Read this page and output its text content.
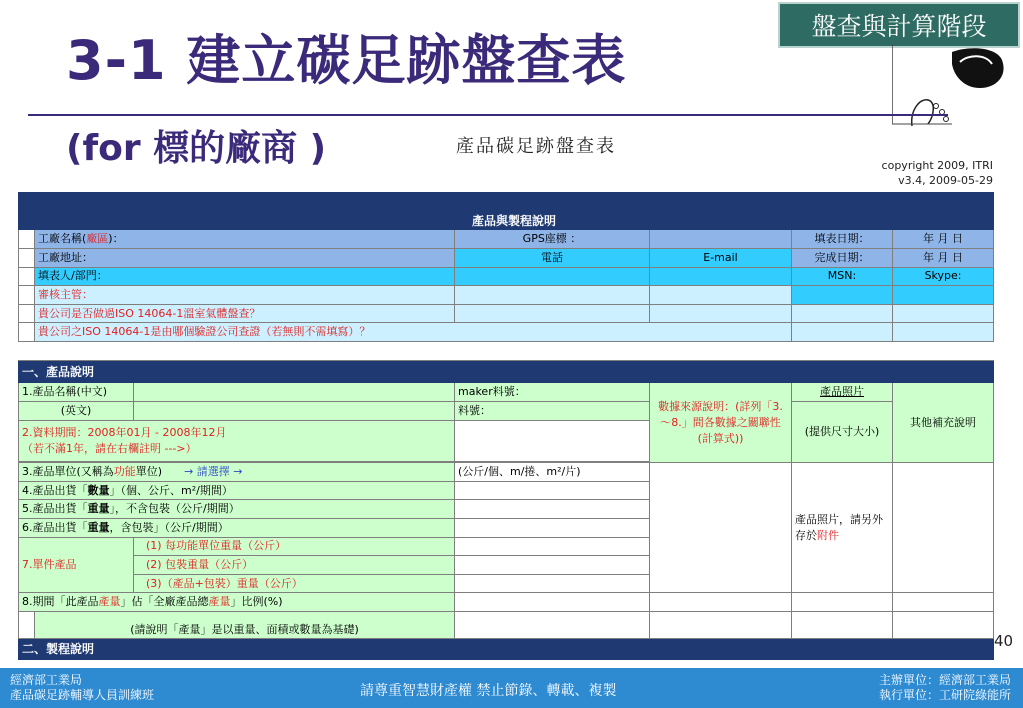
盤查與計算階段
3-1 建立碳足跡盤查表
(for 標的廠商 )	產品碳足跡盤查表
copyright 2009, ITRI
v3.4, 2009-05-29
	產品與製程說明					
	工廠名稱(廠區)：		GPS座標 ：		填表日期：	年 月 日
	工廠地址：		電話	E-mail	完成日期：	年 月 日
	填表人/部門：				MSN:	Skype:
	審核主管：					
	貴公司是否做過ISO 14064-1溫室氣體盤查？					
	貴公司之ISO 14064-1是由哪個驗證公司查證（若無則不需填寫）？					

一、產品說明						
1.產品名稱(中文)			maker料號：	數據來源說明：(詳列「3.～8.」間各數據之關聯性(計算式))	產品照片	其他補充說明
(英文)			料號：		(提供尺寸大小)	
2.資料期間：2008年01月 - 2008年12月
（若不滿1年，請在右欄註明 --->）						

3.產品單位(又稱為功能單位) → 請選擇 →			(公斤/個、m/捲、m²/片)		產品照片，請另外存於附件	
4.產品出貨「數量」（個、公斤、m²/期間）						
5.產品出貨「重量」，不含包裝（公斤/期間）						
6.產品出貨「重量，含包裝」（公斤/期間）						
7.單件產品		(1) 每功能單位重量（公斤）				
		(2) 包裝重量（公斤）				
		(3)（產品+包裝）重量（公斤）				
8.期間「此產品產量」佔「全廠產品總產量」比例(%)						
	(請說明「產量」是以重量、面積或數量為基礎)					
二、製程說明							40
經濟部工業局
產品碳足跡輔導人員訓練班	請尊重智慧財產權 禁止節錄、轉載、複製
主辦單位：經濟部工業局
執行單位：工研院綠能所
